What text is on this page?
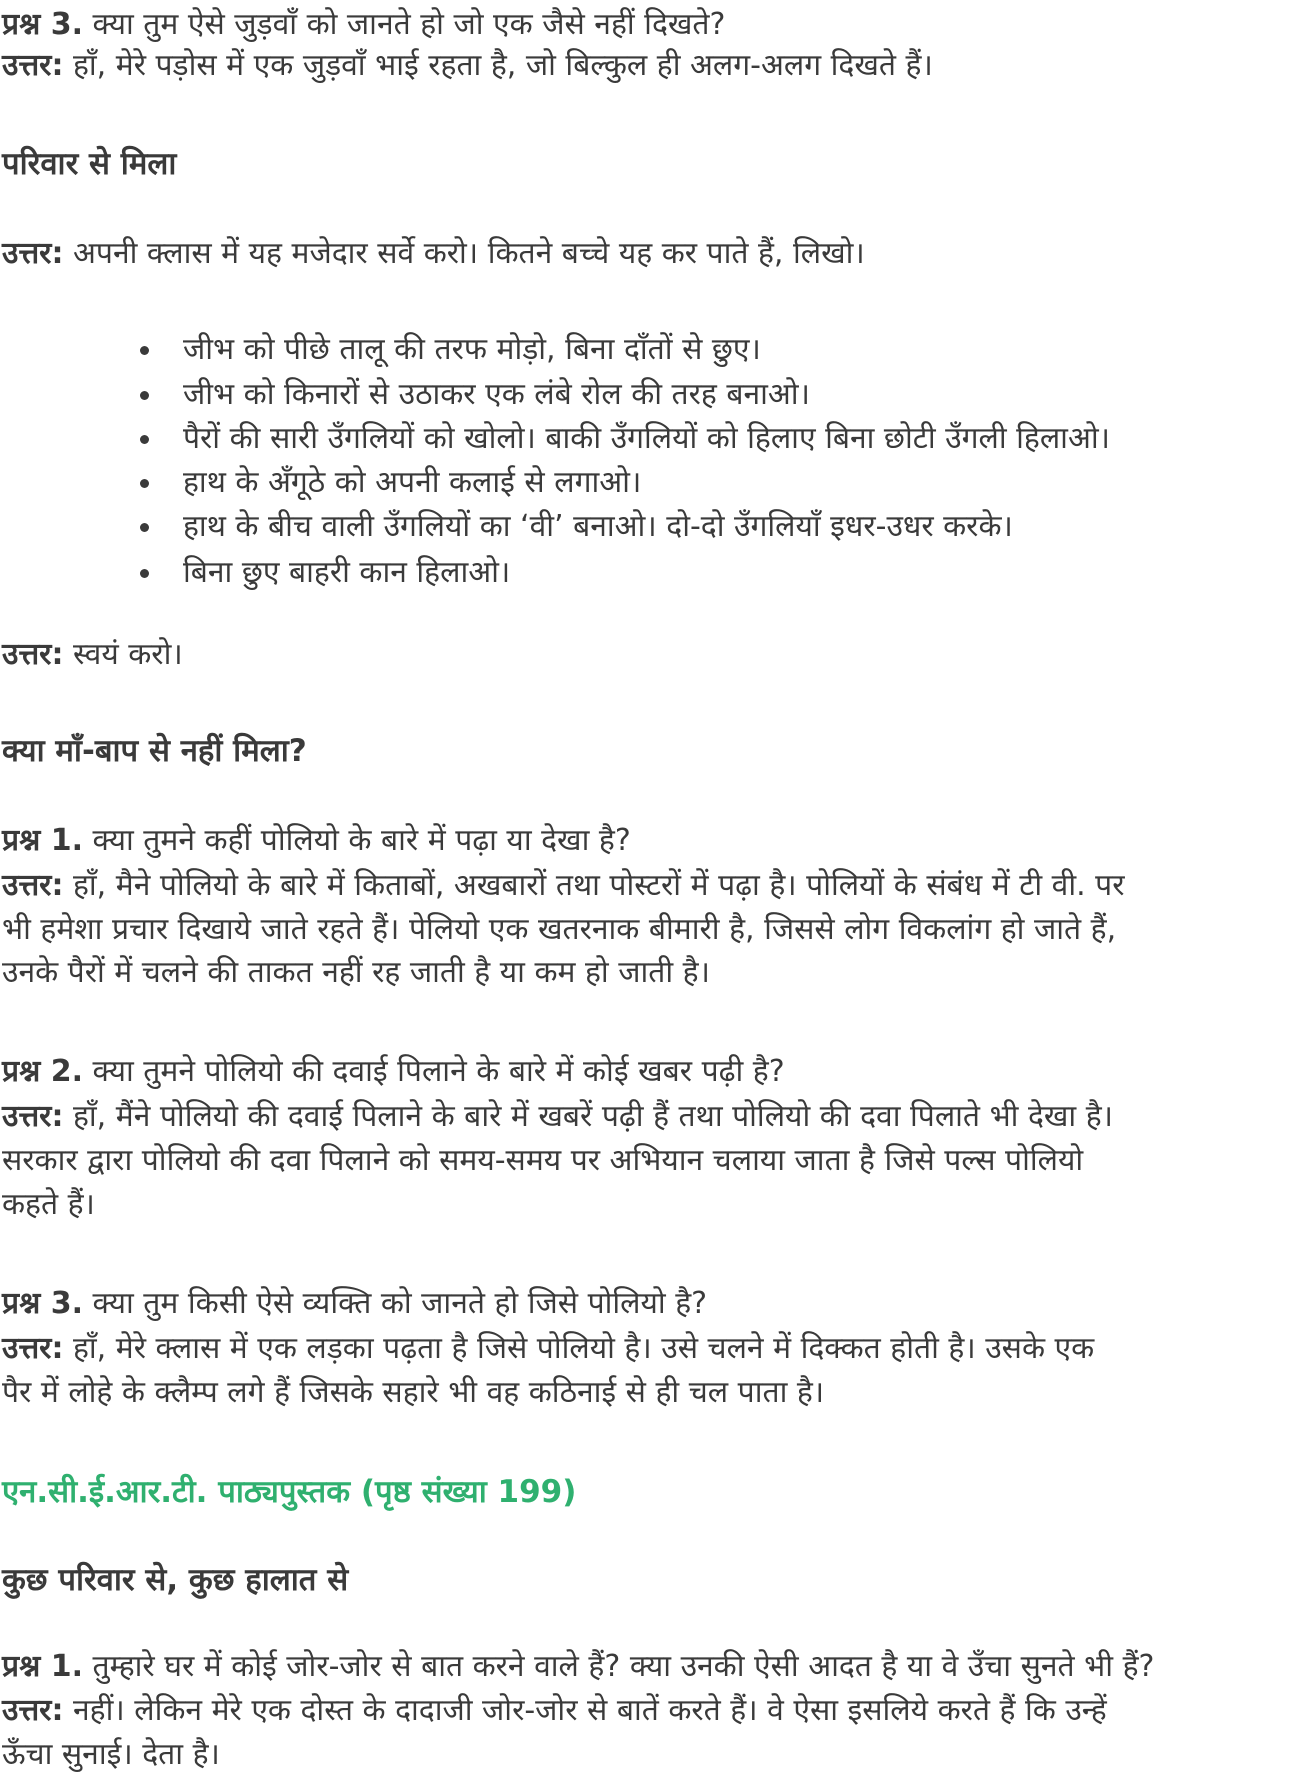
प्रश्न 3. क्या तुम ऐसे जुड़वाँ को जानते हो जो एक जैसे नहीं दिखते?
उत्तर: हाँ, मेरे पड़ोस में एक जुड़वाँ भाई रहता है, जो बिल्कुल ही अलग-अलग दिखते हैं।
परिवार से मिला
उत्तर: अपनी क्लास में यह मजेदार सर्वे करो। कितने बच्चे यह कर पाते हैं, लिखो।
जीभ को पीछे तालू की तरफ मोड़ो, बिना दाँतों से छुए।
जीभ को किनारों से उठाकर एक लंबे रोल की तरह बनाओ।
पैरों की सारी उँगलियों को खोलो। बाकी उँगलियों को हिलाए बिना छोटी उँगली हिलाओ।
हाथ के अँगूठे को अपनी कलाई से लगाओ।
हाथ के बीच वाली उँगलियों का ‘वी’ बनाओ। दो-दो उँगलियाँ इधर-उधर करके।
बिना छुए बाहरी कान हिलाओ।
उत्तर: स्वयं करो।
क्या माँ-बाप से नहीं मिला?
प्रश्न 1. क्या तुमने कहीं पोलियो के बारे में पढ़ा या देखा है?
उत्तर: हाँ, मैने पोलियो के बारे में किताबों, अखबारों तथा पोस्टरों में पढ़ा है। पोलियों के संबंध में टी वी. पर
भी हमेशा प्रचार दिखाये जाते रहते हैं। पेलियो एक खतरनाक बीमारी है, जिससे लोग विकलांग हो जाते हैं,
उनके पैरों में चलने की ताकत नहीं रह जाती है या कम हो जाती है।
प्रश्न 2. क्या तुमने पोलियो की दवाई पिलाने के बारे में कोई खबर पढ़ी है?
उत्तर: हाँ, मैंने पोलियो की दवाई पिलाने के बारे में खबरें पढ़ी हैं तथा पोलियो की दवा पिलाते भी देखा है।
सरकार द्वारा पोलियो की दवा पिलाने को समय-समय पर अभियान चलाया जाता है जिसे पल्स पोलियो
कहते हैं।
प्रश्न 3. क्या तुम किसी ऐसे व्यक्ति को जानते हो जिसे पोलियो है?
उत्तर: हाँ, मेरे क्लास में एक लड़का पढ़ता है जिसे पोलियो है। उसे चलने में दिक्कत होती है। उसके एक
पैर में लोहे के क्लैम्प लगे हैं जिसके सहारे भी वह कठिनाई से ही चल पाता है।
एन.सी.ई.आर.टी. पाठ्यपुस्तक (पृष्ठ संख्या 199)
कुछ परिवार से, कुछ हालात से
प्रश्न 1. तुम्हारे घर में कोई जोर-जोर से बात करने वाले हैं? क्या उनकी ऐसी आदत है या वे उँचा सुनते भी हैं?
उत्तर: नहीं। लेकिन मेरे एक दोस्त के दादाजी जोर-जोर से बातें करते हैं। वे ऐसा इसलिये करते हैं कि उन्हें
ऊँचा सुनाई। देता है।
